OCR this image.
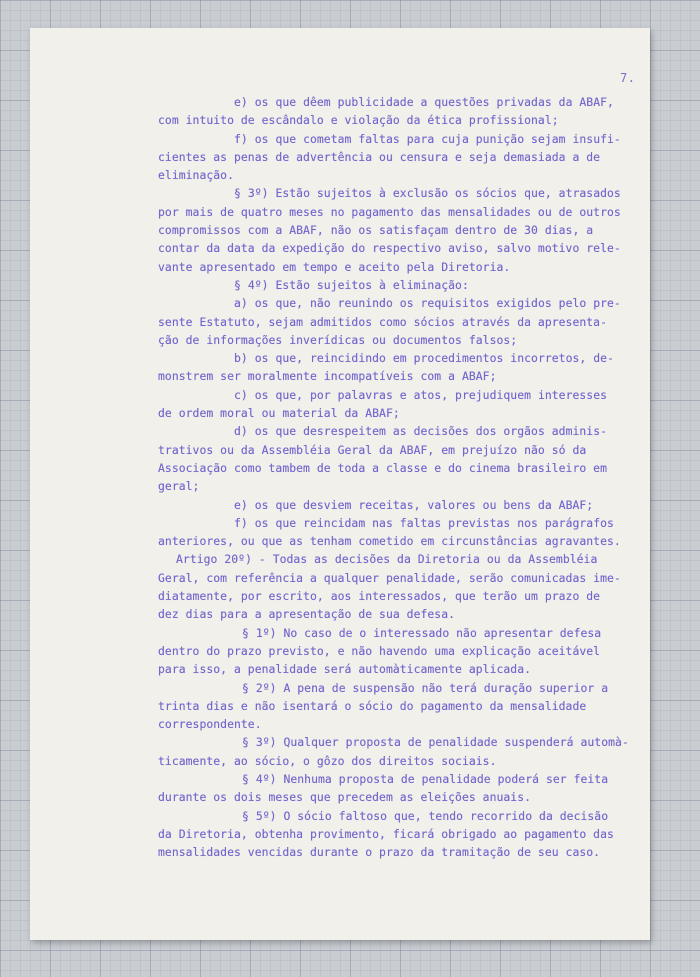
7.
e) os que dêem publicidade a questões privadas da ABAF,
com intuito de escândalo e violação da ética profissional;
f) os que cometam faltas para cuja punição sejam insufi-
cientes as penas de advertência ou censura e seja demasiada a de
eliminação.
§ 3º) Estão sujeitos à exclusão os sócios que, atrasados
por mais de quatro meses no pagamento das mensalidades ou de outros
compromissos com a ABAF, não os satisfaçam dentro de 30 dias, a
contar da data da expedição do respectivo aviso, salvo motivo rele-
vante apresentado em tempo e aceito pela Diretoria.
§ 4º) Estão sujeitos à eliminação:
a) os que, não reunindo os requisitos exigidos pelo pre-
sente Estatuto, sejam admitidos como sócios através da apresenta-
ção de informações inverídicas ou documentos falsos;
b) os que, reincidindo em procedimentos incorretos, de-
monstrem ser moralmente incompatíveis com a ABAF;
c) os que, por palavras e atos, prejudiquem interesses
de ordem moral ou material da ABAF;
d) os que desrespeitem as decisões dos orgãos adminis-
trativos ou da Assembléia Geral da ABAF, em prejuízo não só da
Associação como tambem de toda a classe e do cinema brasileiro em
geral;
e) os que desviem receitas, valores ou bens da ABAF;
f) os que reincidam nas faltas previstas nos parágrafos
anteriores, ou que as tenham cometido em circunstâncias agravantes.
Artigo 20º) - Todas as decisões da Diretoria ou da Assembléia
Geral, com referência a qualquer penalidade, serão comunicadas ime-
diatamente, por escrito, aos interessados, que terão um prazo de
dez dias para a apresentação de sua defesa.
§ 1º) No caso de o interessado não apresentar defesa
dentro do prazo previsto, e não havendo uma explicação aceitável
para isso, a penalidade será automàticamente aplicada.
§ 2º) A pena de suspensão não terá duração superior a
trinta dias e não isentará o sócio do pagamento da mensalidade
correspondente.
§ 3º) Qualquer proposta de penalidade suspenderá automà-
ticamente, ao sócio, o gôzo dos direitos sociais.
§ 4º) Nenhuma proposta de penalidade poderá ser feita
durante os dois meses que precedem as eleições anuais.
§ 5º) O sócio faltoso que, tendo recorrido da decisão
da Diretoria, obtenha provimento, ficará obrigado ao pagamento das
mensalidades vencidas durante o prazo da tramitação de seu caso.
